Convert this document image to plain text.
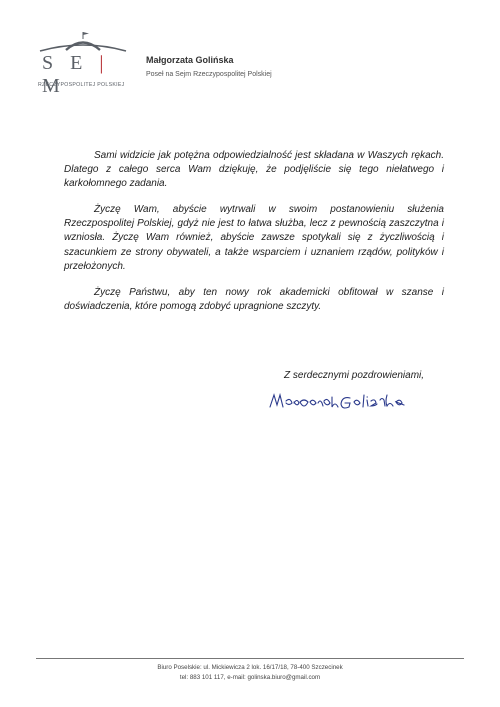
S E | M
RZECZYPOSPOLITEJ POLSKIEJ
Małgorzata Golińska
Poseł na Sejm Rzeczypospolitej Polskiej

Sami widzicie jak potężna odpowiedzialność jest składana w Waszych rękach. Dlatego z całego serca Wam dziękuję, że podjęliście się tego niełatwego i karkołomnego zadania.

Życzę Wam, abyście wytrwali w swoim postanowieniu służenia Rzeczpospolitej Polskiej, gdyż nie jest to łatwa służba, lecz z pewnością zaszczytna i wzniosła. Życzę Wam również, abyście zawsze spotykali się z życzliwością i szacunkiem ze strony obywateli, a także wsparciem i uznaniem rządów, polityków i przełożonych.

Życzę Państwu, aby ten nowy rok akademicki obfitował w szanse i doświadczenia, które pomogą zdobyć upragnione szczyty.

Z serdecznymi pozdrowieniami,
Biuro Poselskie: ul. Mickiewicza 2 lok. 16/17/18, 78-400 Szczecinek
tel: 883 101 117, e-mail: golinska.biuro@gmail.com
